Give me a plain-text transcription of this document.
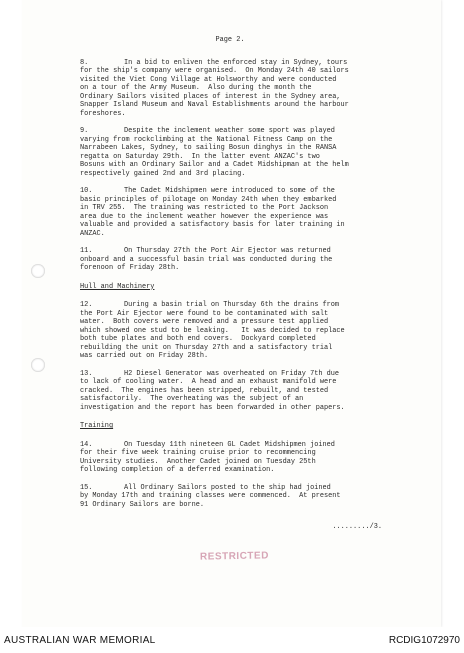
Page 2.
8.	In a bid to enliven the enforced stay in Sydney, tours
for the ship's company were organised.  On Monday 24th 40 sailors
visited the Viet Cong Village at Holsworthy and were conducted
on a tour of the Army Museum.  Also during the month the
Ordinary Sailors visited places of interest in the Sydney area,
Snapper Island Museum and Naval Establishments around the harbour
foreshores.
9.	Despite the inclement weather some sport was played
varying from rockclimbing at the National Fitness Camp on the
Narrabeen Lakes, Sydney, to sailing Bosun dinghys in the RANSA
regatta on Saturday 29th.  In the latter event ANZAC's two
Bosuns with an Ordinary Sailor and a Cadet Midshipman at the helm
respectively gained 2nd and 3rd placing.
10.	The Cadet Midshipmen were introduced to some of the
basic principles of pilotage on Monday 24th when they embarked
in TRV 255.  The training was restricted to the Port Jackson
area due to the inclement weather however the experience was
valuable and provided a satisfactory basis for later training in
ANZAC.
11.	On Thursday 27th the Port Air Ejector was returned
onboard and a successful basin trial was conducted during the
forenoon of Friday 28th.
Hull and Machinery
12.	During a basin trial on Thursday 6th the drains from
the Port Air Ejector were found to be contaminated with salt
water.  Both covers were removed and a pressure test applied
which showed one stud to be leaking.   It was decided to replace
both tube plates and both end covers.  Dockyard completed
rebuilding the unit on Thursday 27th and a satisfactory trial
was carried out on Friday 28th.
13.	H2 Diesel Generator was overheated on Friday 7th due
to lack of cooling water.  A head and an exhaust manifold were
cracked.  The engines has been stripped, rebuilt, and tested
satisfactorily.  The overheating was the subject of an
investigation and the report has been forwarded in other papers.
Training
14.	On Tuesday 11th nineteen GL Cadet Midshipmen joined
for their five week training cruise prior to recommencing
University studies.  Another Cadet joined on Tuesday 25th
following completion of a deferred examination.
15.	All Ordinary Sailors posted to the ship had joined
by Monday 17th and training classes were commenced.  At present
91 Ordinary Sailors are borne.
........./3.
RESTRICTED
AUSTRALIAN WAR MEMORIAL	RCDIG1072970
